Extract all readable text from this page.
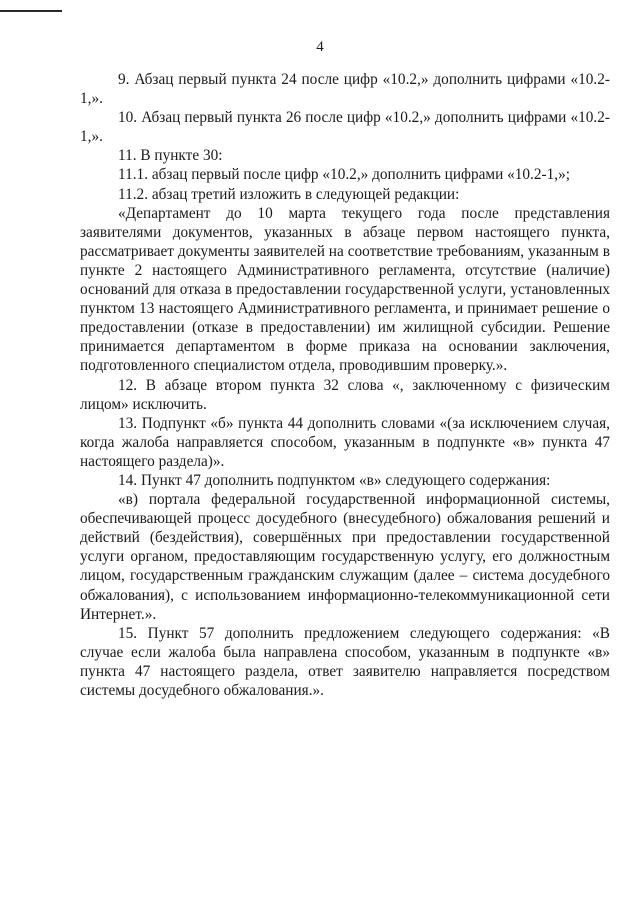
4

9. Абзац первый пункта 24 после цифр «10.2,» дополнить цифрами «10.2-1,».

10. Абзац первый пункта 26 после цифр «10.2,» дополнить цифрами «10.2-1,».

11. В пункте 30:

11.1. абзац первый после цифр «10.2,» дополнить цифрами «10.2-1,»;

11.2. абзац третий изложить в следующей редакции:

«Департамент до 10 марта текущего года после представления заявителями документов, указанных в абзаце первом настоящего пункта, рассматривает документы заявителей на соответствие требованиям, указанным в пункте 2 настоящего Административного регламента, отсутствие (наличие) оснований для отказа в предоставлении государственной услуги, установленных пунктом 13 настоящего Административного регламента, и принимает решение о предоставлении (отказе в предоставлении) им жилищной субсидии. Решение принимается департаментом в форме приказа на основании заключения, подготовленного специалистом отдела, проводившим проверку.».

12. В абзаце втором пункта 32 слова «, заключенному с физическим лицом» исключить.

13. Подпункт «б» пункта 44 дополнить словами «(за исключением случая, когда жалоба направляется способом, указанным в подпункте «в» пункта 47 настоящего раздела)».

14. Пункт 47 дополнить подпунктом «в» следующего содержания:

«в) портала федеральной государственной информационной системы, обеспечивающей процесс досудебного (внесудебного) обжалования решений и действий (бездействия), совершённых при предоставлении государственной услуги органом, предоставляющим государственную услугу, его должностным лицом, государственным гражданским служащим (далее – система досудебного обжалования), с использованием информационно-телекоммуникационной сети Интернет.».

15. Пункт 57 дополнить предложением следующего содержания: «В случае если жалоба была направлена способом, указанным в подпункте «в» пункта 47 настоящего раздела, ответ заявителю направляется посредством системы досудебного обжалования.».
